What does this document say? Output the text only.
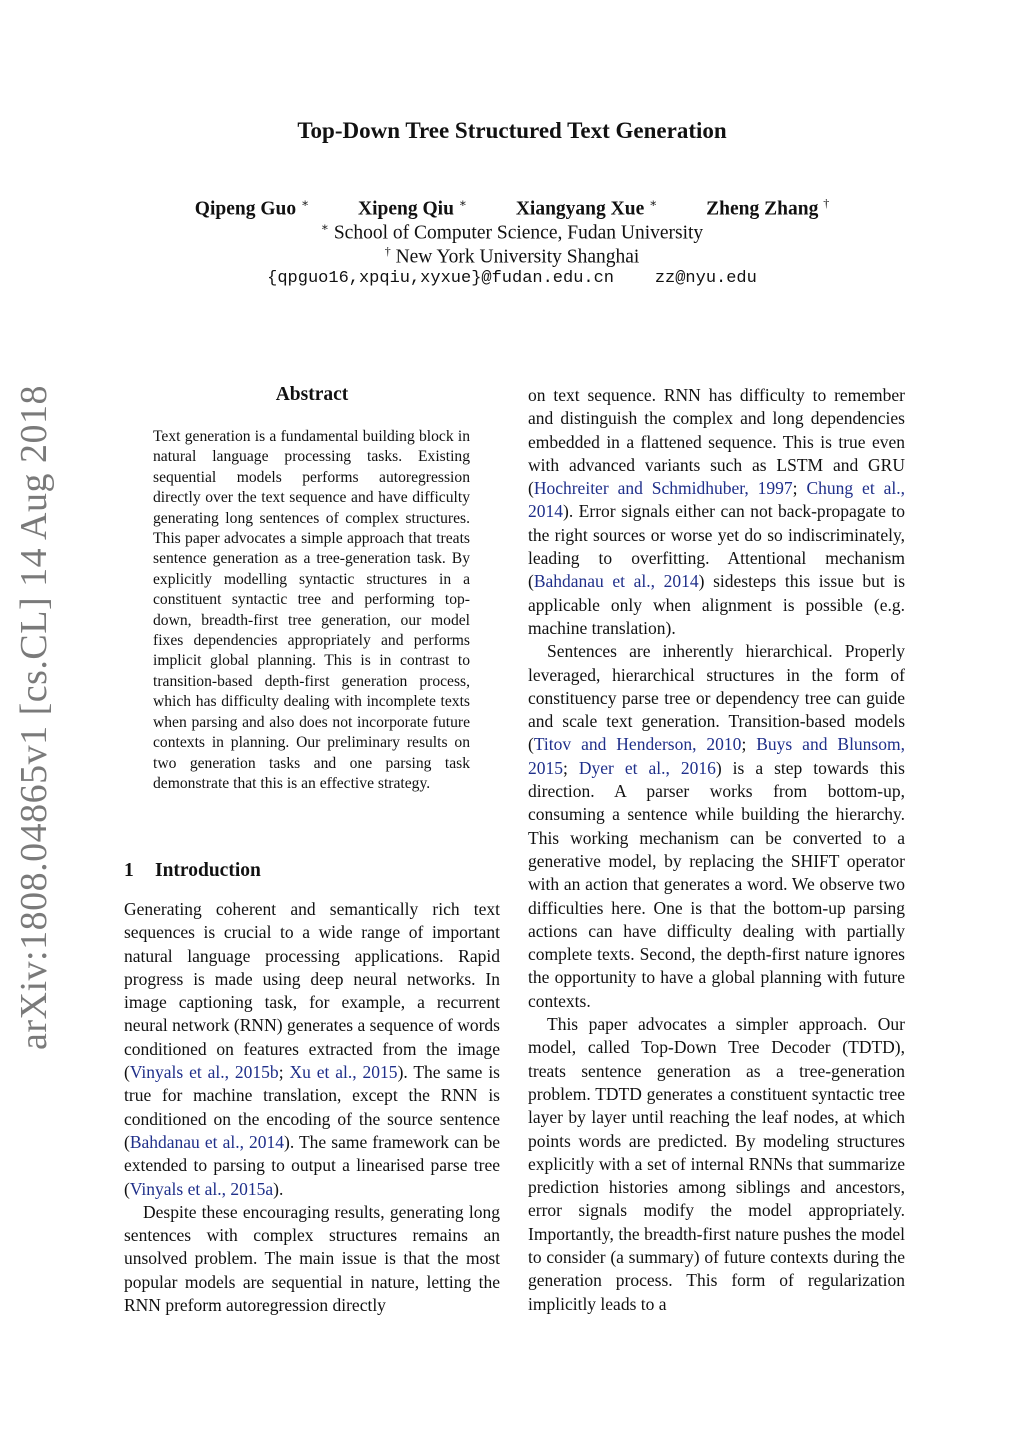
arXiv:1808.04865v1 [cs.CL] 14 Aug 2018
Top-Down Tree Structured Text Generation
Qipeng Guo ∗	Xipeng Qiu ∗	Xiangyang Xue ∗	Zheng Zhang †
∗ School of Computer Science, Fudan University
† New York University Shanghai
{qpguo16,xpqiu,xyxue}@fudan.edu.cn    zz@nyu.edu
Abstract
Text generation is a fundamental building block in natural language processing tasks. Existing sequential models performs autoregression directly over the text sequence and have difficulty generating long sentences of complex structures. This paper advocates a simple approach that treats sentence generation as a tree-generation task. By explicitly modelling syntactic structures in a constituent syntactic tree and performing top-down, breadth-first tree generation, our model fixes dependencies appropriately and performs implicit global planning. This is in contrast to transition-based depth-first generation process, which has difficulty dealing with incomplete texts when parsing and also does not incorporate future contexts in planning. Our preliminary results on two generation tasks and one parsing task demonstrate that this is an effective strategy.
1 Introduction

Generating coherent and semantically rich text sequences is crucial to a wide range of important natural language processing applications. Rapid progress is made using deep neural networks. In image captioning task, for example, a recurrent neural network (RNN) generates a sequence of words conditioned on features extracted from the image (Vinyals et al., 2015b; Xu et al., 2015). The same is true for machine translation, except the RNN is conditioned on the encoding of the source sentence (Bahdanau et al., 2014). The same framework can be extended to parsing to output a linearised parse tree (Vinyals et al., 2015a).

Despite these encouraging results, generating long sentences with complex structures remains an unsolved problem. The main issue is that the most popular models are sequential in nature, letting the RNN preform autoregression directly

on text sequence. RNN has difficulty to remember and distinguish the complex and long dependencies embedded in a flattened sequence. This is true even with advanced variants such as LSTM and GRU (Hochreiter and Schmidhuber, 1997; Chung et al., 2014). Error signals either can not back-propagate to the right sources or worse yet do so indiscriminately, leading to overfitting. Attentional mechanism (Bahdanau et al., 2014) sidesteps this issue but is applicable only when alignment is possible (e.g. machine translation).

Sentences are inherently hierarchical. Properly leveraged, hierarchical structures in the form of constituency parse tree or dependency tree can guide and scale text generation. Transition-based models (Titov and Henderson, 2010; Buys and Blunsom, 2015; Dyer et al., 2016) is a step towards this direction. A parser works from bottom-up, consuming a sentence while building the hierarchy. This working mechanism can be converted to a generative model, by replacing the SHIFT operator with an action that generates a word. We observe two difficulties here. One is that the bottom-up parsing actions can have difficulty dealing with partially complete texts. Second, the depth-first nature ignores the opportunity to have a global planning with future contexts.

This paper advocates a simpler approach. Our model, called Top-Down Tree Decoder (TDTD), treats sentence generation as a tree-generation problem. TDTD generates a constituent syntactic tree layer by layer until reaching the leaf nodes, at which points words are predicted. By modeling structures explicitly with a set of internal RNNs that summarize prediction histories among siblings and ancestors, error signals modify the model appropriately. Importantly, the breadth-first nature pushes the model to consider (a summary) of future contexts during the generation process. This form of regularization implicitly leads to a
